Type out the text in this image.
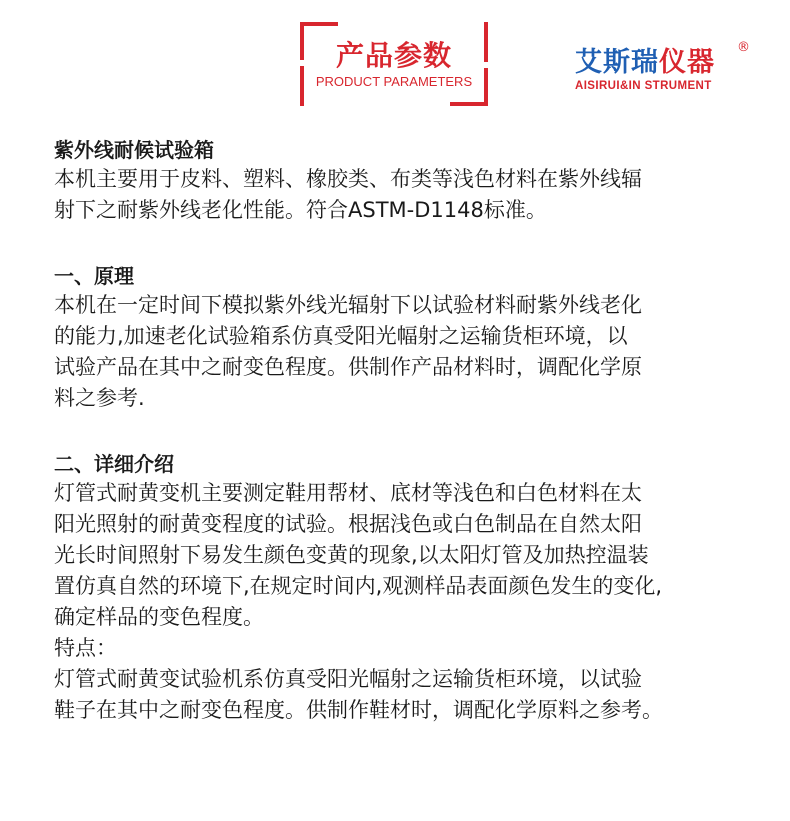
产品参数
PRODUCT PARAMETERS
艾斯瑞仪器	®
AISIRUI&IN STRUMENT
紫外线耐候试验箱

本机主要用于皮料、塑料、橡胶类、布类等浅色材料在紫外线辐
射下之耐紫外线老化性能。符合ASTM-D1148标准。

一、原理

本机在一定时间下模拟紫外线光辐射下以试验材料耐紫外线老化
的能力,加速老化试验箱系仿真受阳光幅射之运输货柜环境，以
试验产品在其中之耐变色程度。供制作产品材料时，调配化学原
料之参考.

二、详细介绍

灯管式耐黄变机主要测定鞋用帮材、底材等浅色和白色材料在太
阳光照射的耐黄变程度的试验。根据浅色或白色制品在自然太阳
光长时间照射下易发生颜色变黄的现象,以太阳灯管及加热控温装
置仿真自然的环境下,在规定时间内,观测样品表面颜色发生的变化,
确定样品的变色程度。
特点：
灯管式耐黄变试验机系仿真受阳光幅射之运输货柜环境，以试验
鞋子在其中之耐变色程度。供制作鞋材时，调配化学原料之参考。
